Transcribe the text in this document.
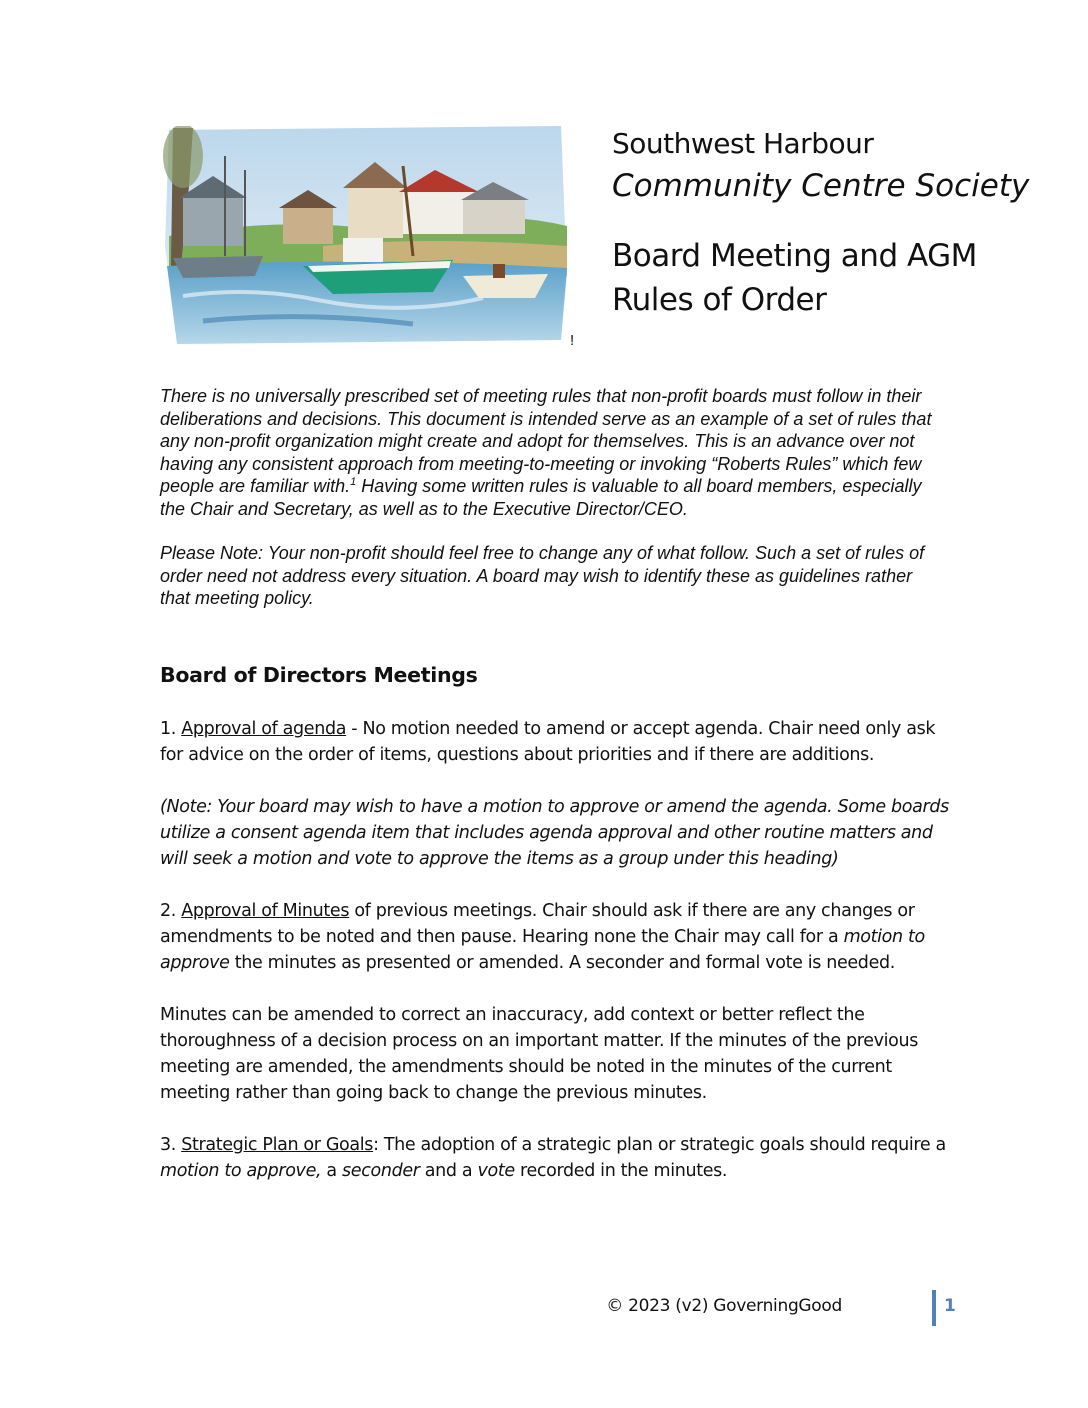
Southwest Harbour
Community Centre Society
Board Meeting and AGM
Rules of Order
!

There is no universally prescribed set of meeting rules that non-profit boards must follow in their deliberations and decisions. This document is intended serve as an example of a set of rules that any non-profit organization might create and adopt for themselves. This is an advance over not having any consistent approach from meeting-to-meeting or invoking “Roberts Rules” which few people are familiar with.$^1$ Having some written rules is valuable to all board members, especially the Chair and Secretary, as well as to the Executive Director/CEO.

Please Note: Your non-profit should feel free to change any of what follow. Such a set of rules of order need not address every situation. A board may wish to identify these as guidelines rather that meeting policy.

Board of Directors Meetings

1. Approval of agenda - No motion needed to amend or accept agenda. Chair need only ask for advice on the order of items, questions about priorities and if there are additions.

(Note: Your board may wish to have a motion to approve or amend the agenda. Some boards utilize a consent agenda item that includes agenda approval and other routine matters and will seek a motion and vote to approve the items as a group under this heading)

2. Approval of Minutes of previous meetings. Chair should ask if there are any changes or amendments to be noted and then pause. Hearing none the Chair may call for a motion to approve the minutes as presented or amended. A seconder and formal vote is needed.

Minutes can be amended to correct an inaccuracy, add context or better reflect the thoroughness of a decision process on an important matter. If the minutes of the previous meeting are amended, the amendments should be noted in the minutes of the current meeting rather than going back to change the previous minutes.

3. Strategic Plan or Goals: The adoption of a strategic plan or strategic goals should require a motion to approve, a seconder and a vote recorded in the minutes.

© 2023 (v2) GoverningGood	1
